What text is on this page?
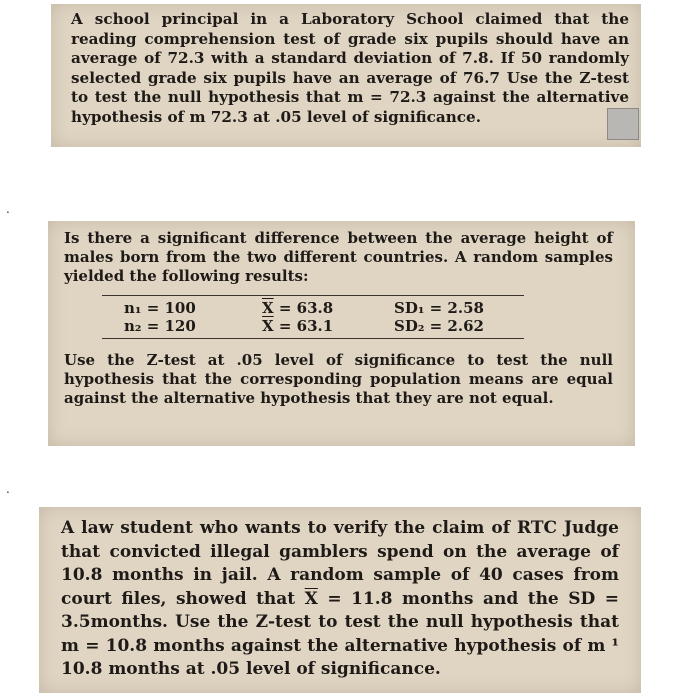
A school principal in a Laboratory School claimed that the reading comprehension test of grade six pupils should have an average of 72.3 with a standard deviation of 7.8. If 50 randomly selected grade six pupils have an average of 76.7 Use the Z-test to test the null hypothesis that m = 72.3 against the alternative hypothesis of m 72.3 at .05 level of significance.

.

Is there a significant difference between the average height of males born from the two different countries. A random samples yielded the following results:

n₁ = 100	$\overline{X} = 63.8$	SD₁ = 2.58
n₂ = 120	$\overline{X} = 63.1$	SD₂ = 2.62

Use the Z-test at .05 level of significance to test the null hypothesis that the corresponding population means are equal against the alternative hypothesis that they are not equal.

.

A law student who wants to verify the claim of RTC Judge that convicted illegal gamblers spend on the average of 10.8 months in jail. A random sample of 40 cases from court files, showed that $\overline{X} = 11.8$ months and the SD = 3.5months. Use the Z-test to test the null hypothesis that m = 10.8 months against the alternative hypothesis of m ¹ 10.8 months at .05 level of significance.
